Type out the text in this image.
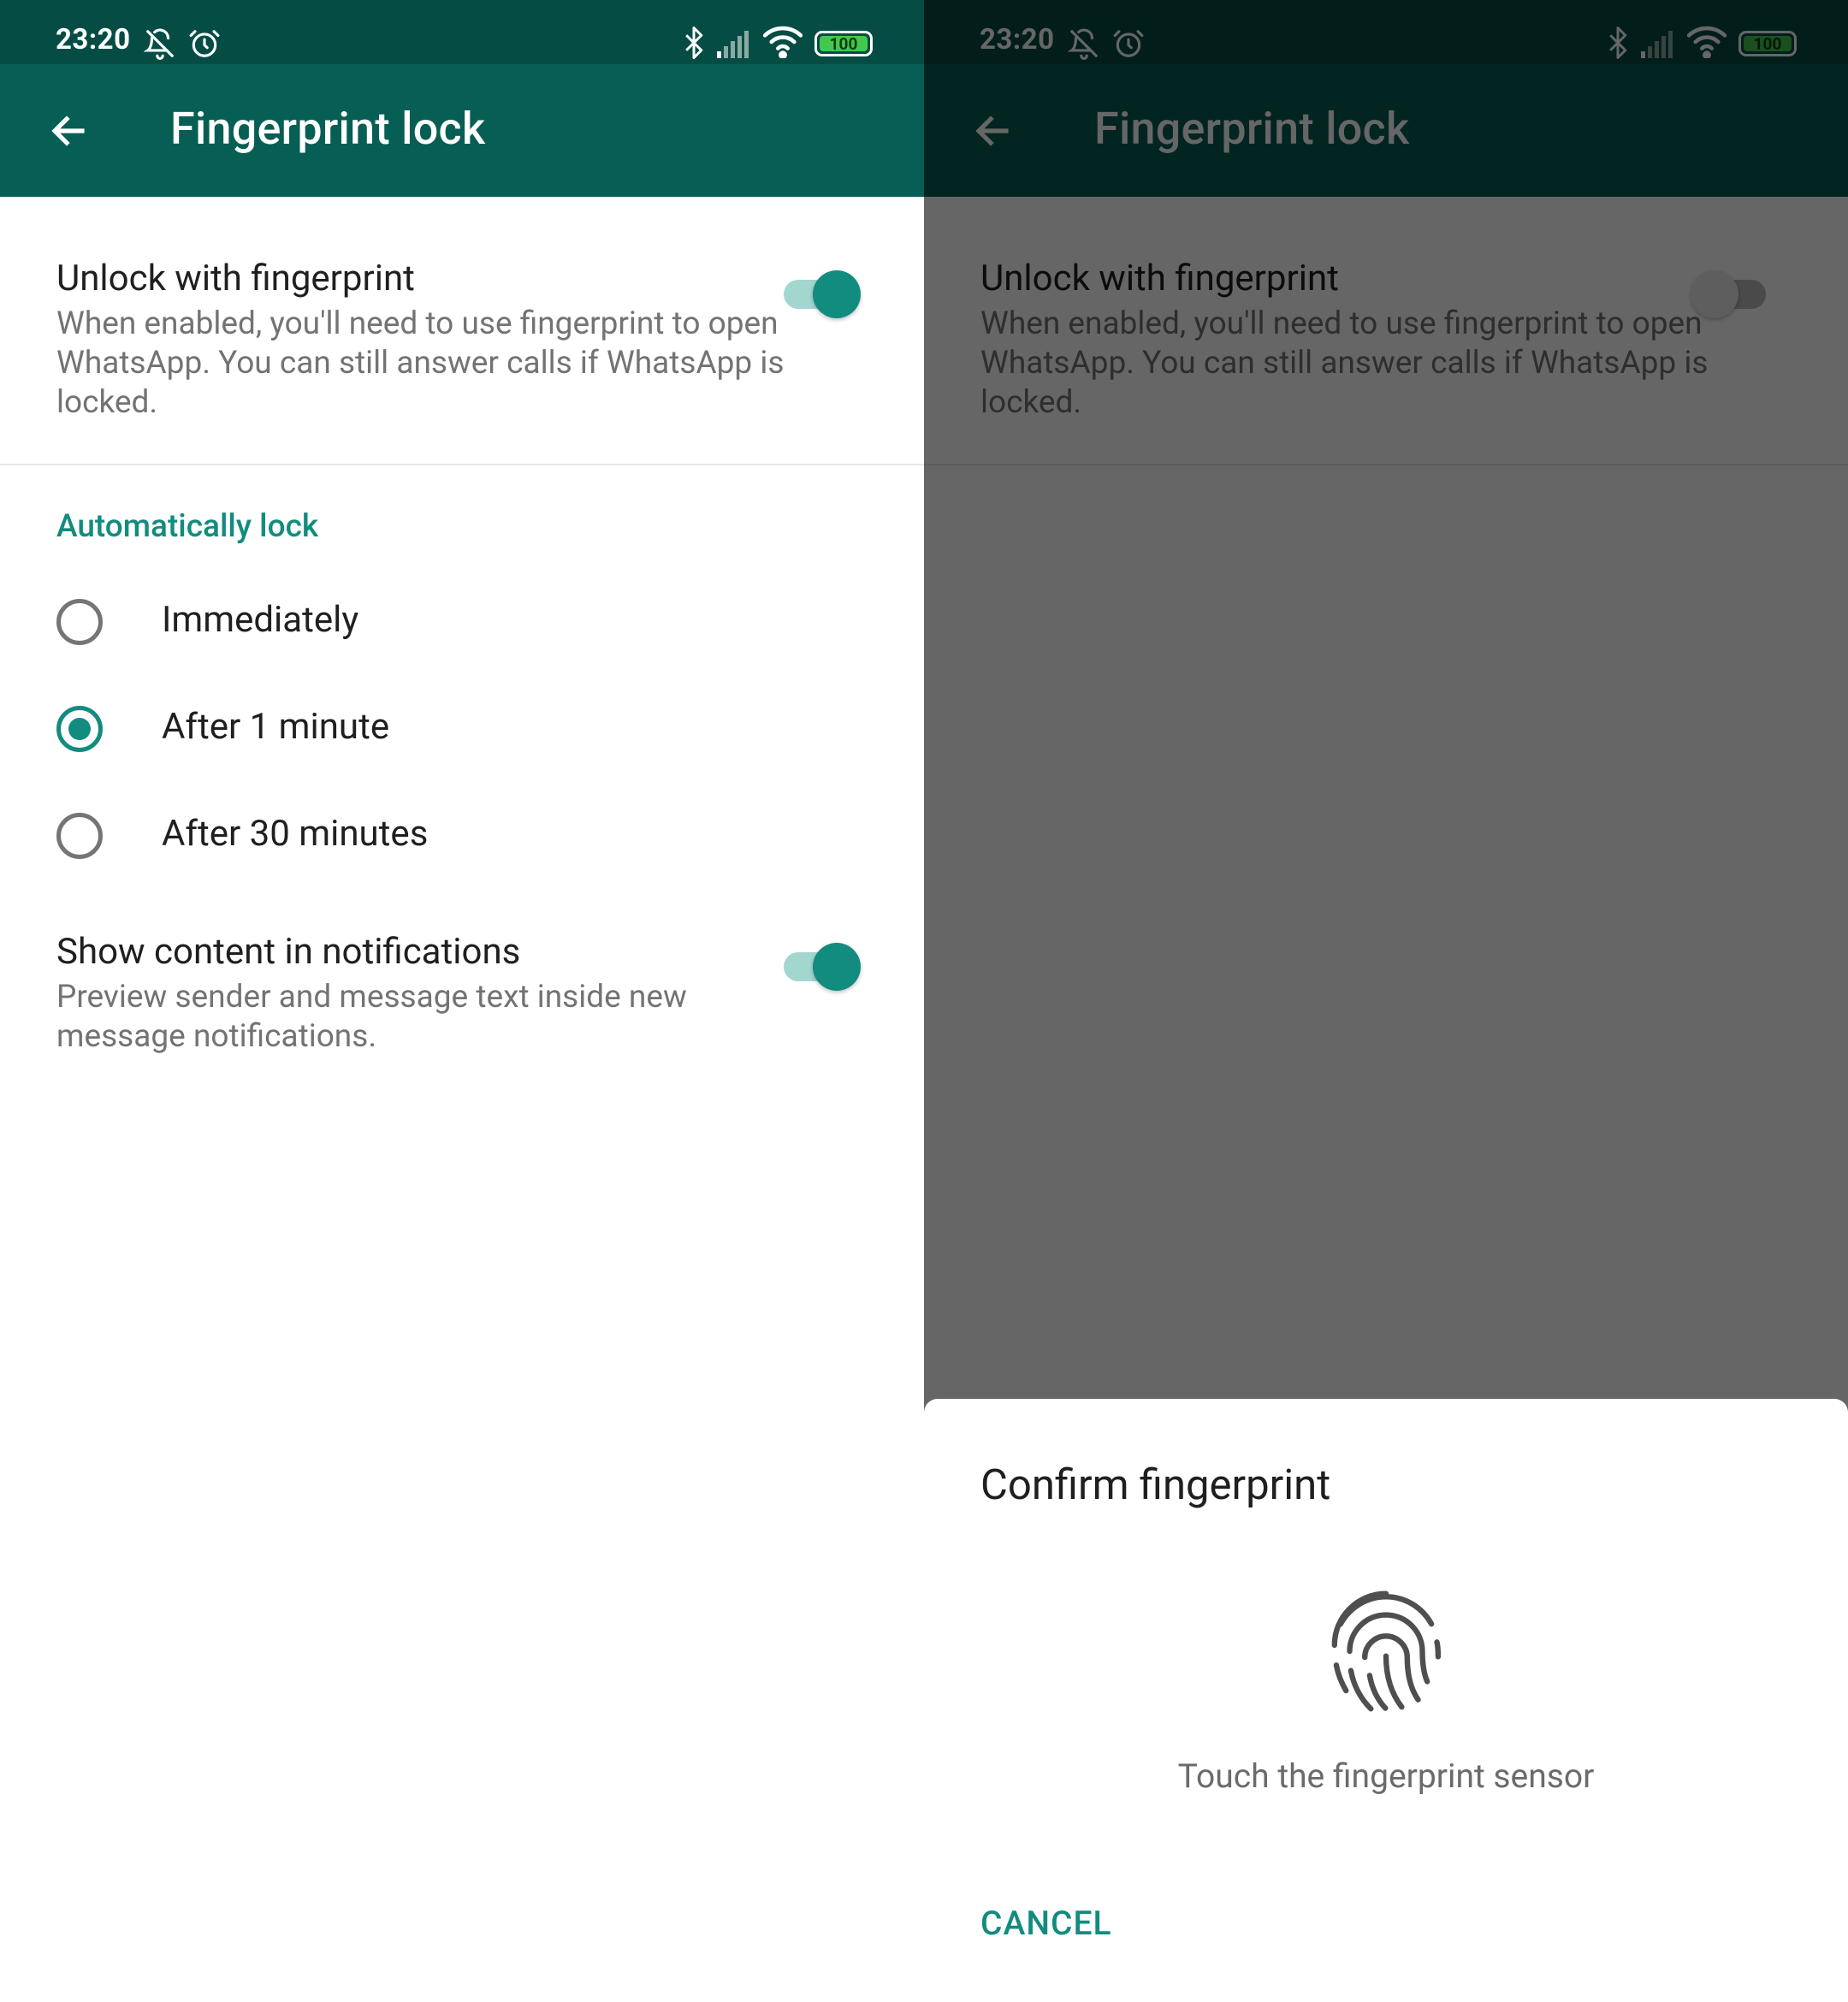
23:20	100
Fingerprint lock
Unlock with fingerprint
When enabled, you'll need to use fingerprint to open WhatsApp. You can still answer calls if WhatsApp is locked.
Automatically lock
Immediately
After 1 minute
After 30 minutes
Show content in notifications
Preview sender and message text inside new message notifications.
Confirm fingerprint
Touch the fingerprint sensor
CANCEL
